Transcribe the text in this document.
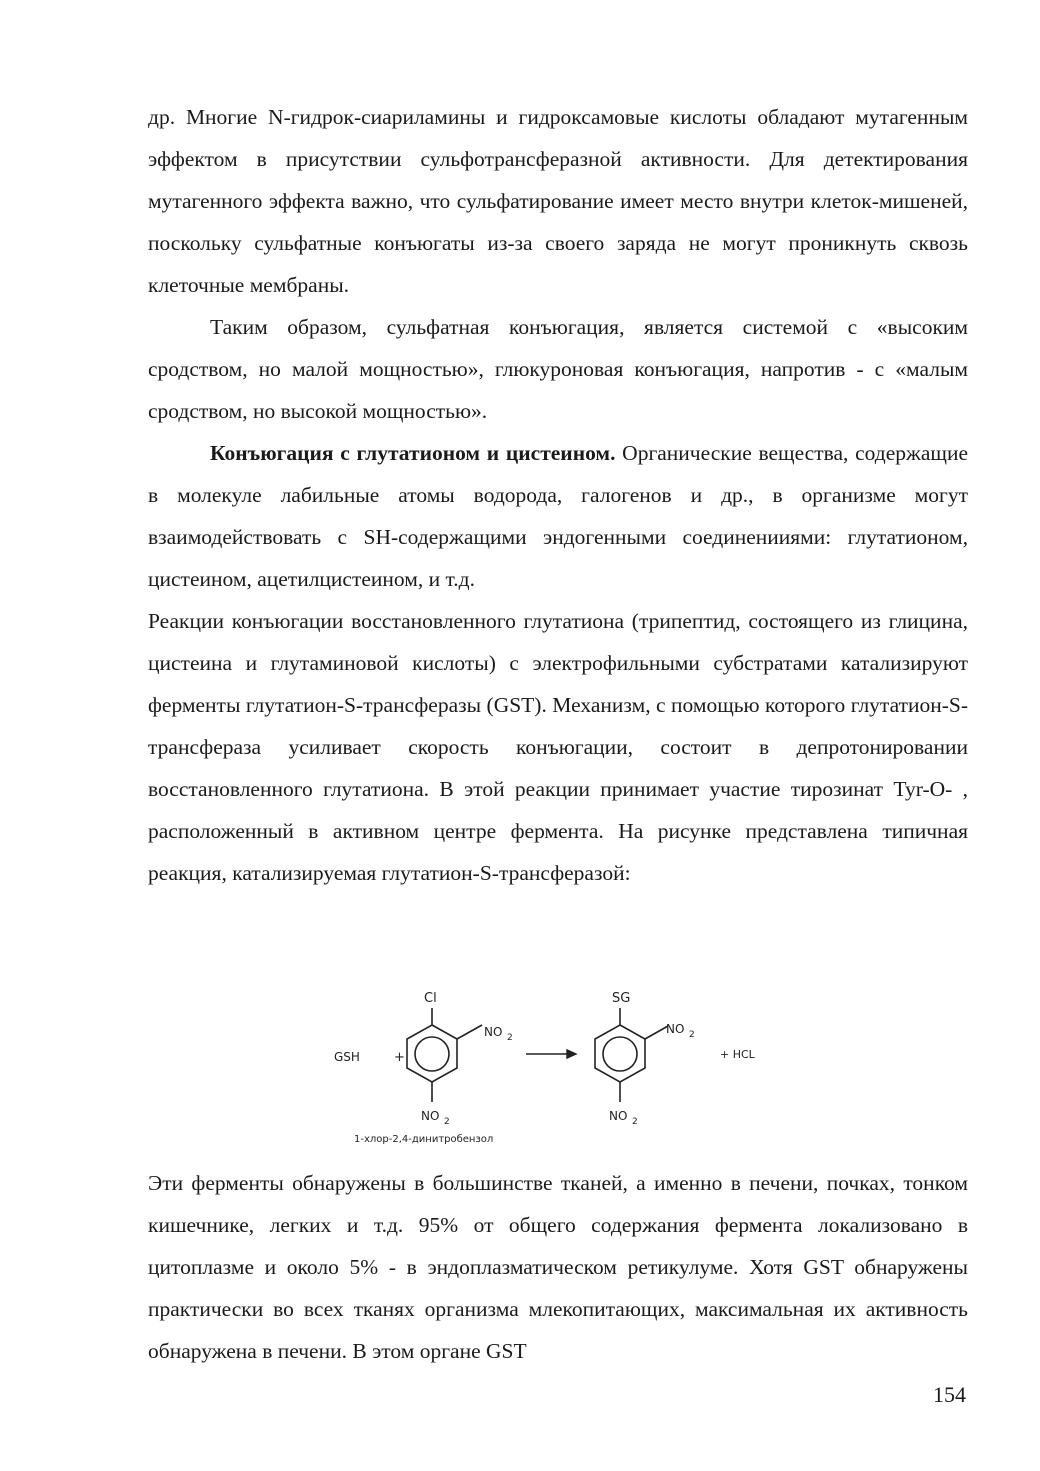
др. Многие N-гидрок-сиариламины и гидроксамовые кислоты обладают мутагенным эффектом в присутствии сульфотрансферазной активности. Для детектирования мутагенного эффекта важно, что сульфатирование имеет место внутри клеток-мишеней, поскольку сульфатные конъюгаты из-за своего заряда не могут проникнуть сквозь клеточные мембраны.

Таким образом, сульфатная конъюгация, является системой с «высоким сродством, но малой мощностью», глюкуроновая конъюгация, напротив - с «малым сродством, но высокой мощностью».

Конъюгация с глутатионом и цистеином. Органические вещества, содержащие в молекуле лабильные атомы водорода, галогенов и др., в организме могут взаимодействовать с SH-содержащими эндогенными соединенииями: глутатионом, цистеином, ацетилцистеином, и т.д.

Реакции конъюгации восстановленного глутатиона (трипептид, состоящего из глицина, цистеина и глутаминовой кислоты) с электрофильными субстратами катализируют ферменты глутатион-S-трансферазы (GST). Механизм, с помощью которого глутатион-S-трансфераза усиливает скорость конъюгации, состоит в депротонировании восстановленного глутатиона. В этой реакции принимает участие тирозинат Tyr-O- , расположенный в активном центре фермента. На рисунке представлена типичная реакция, катализируемая глутатион-S-трансферазой:

GSH	+
Cl
NO 2
NO 2
1-хлор-2,4-динитробензол
SG
NO 2
NO 2
+ HCL

Эти ферменты обнаружены в большинстве тканей, а именно в печени, почках, тонком кишечнике, легких и т.д. 95% от общего содержания фермента локализовано в цитоплазме и около 5% - в эндоплазматическом ретикулуме. Хотя GST обнаружены практически во всех тканях организма млекопитающих, максимальная их активность обнаружена в печени. В этом органе GST

154
